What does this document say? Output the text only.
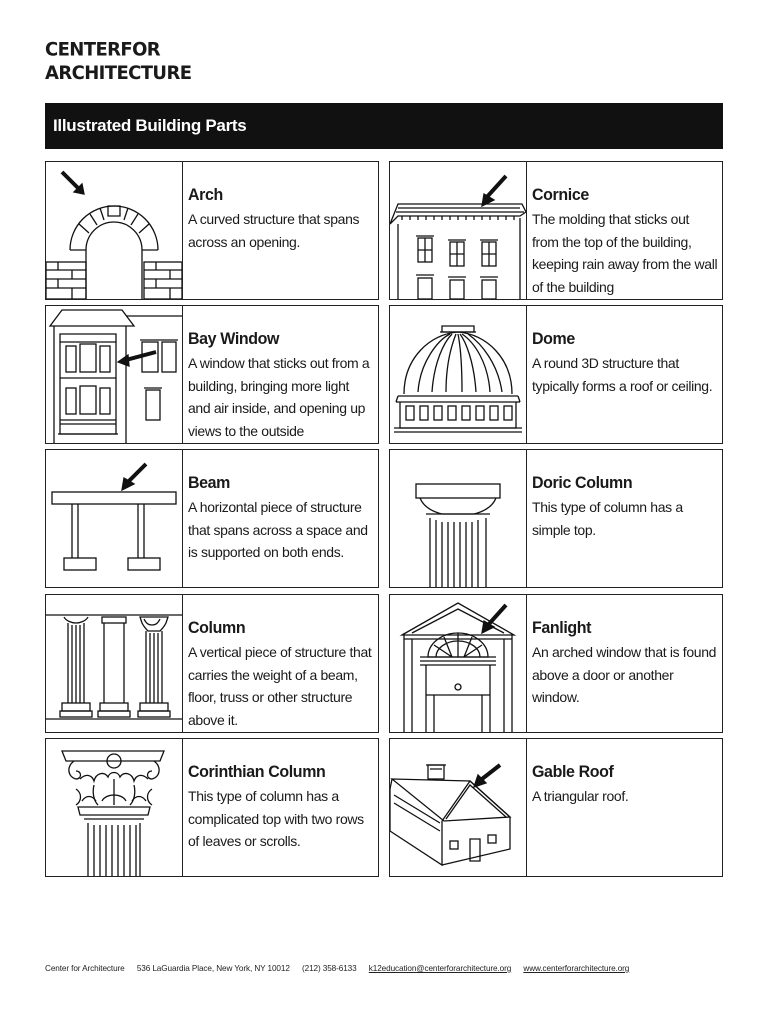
CENTER FOR
ARCHITECTURE
Illustrated Building Parts
Arch

A curved structure that spans across an opening.

Cornice

The molding that sticks out from the top of the building, keeping rain away from the wall of the building

Bay Window

A window that sticks out from a building, bringing more light and air inside, and opening up views to the outside

Dome

A round 3D structure that typically forms a roof or ceiling.

Beam

A horizontal piece of structure that spans across a space and is supported on both ends.

Doric Column

This type of column has a simple top.

Column

A vertical piece of structure that carries the weight of a beam, floor, truss or other structure above it.

Fanlight

An arched window that is found above a door or another window.

Corinthian Column

This type of column has a complicated top with two rows of leaves or scrolls.

Gable Roof

A triangular roof.

Center for Architecture 536 LaGuardia Place, New York, NY 10012 (212) 358-6133 k12education@centerforarchitecture.org www.centerforarchitecture.org
